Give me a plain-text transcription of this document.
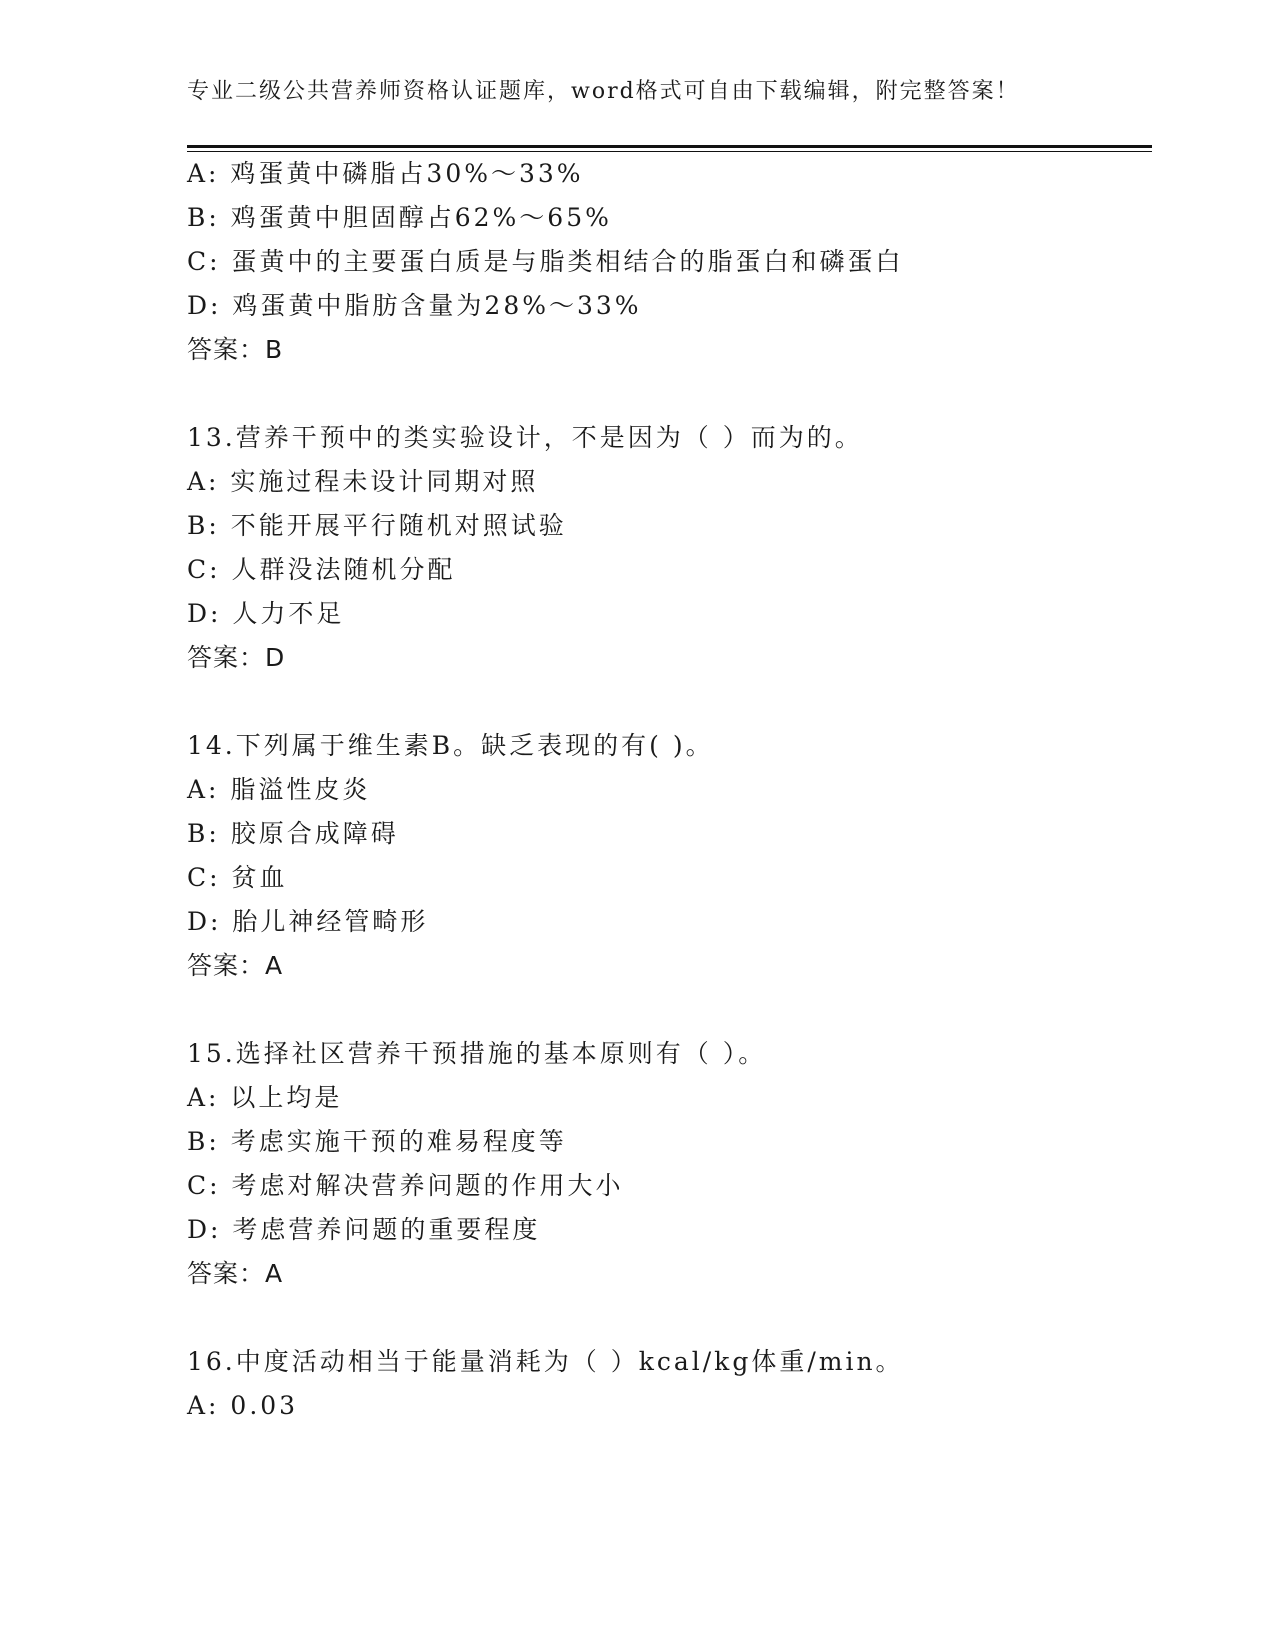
专业二级公共营养师资格认证题库，word格式可自由下载编辑，附完整答案！
A: 鸡蛋黄中磷脂占30%～33%
B: 鸡蛋黄中胆固醇占62%～65%
C: 蛋黄中的主要蛋白质是与脂类相结合的脂蛋白和磷蛋白
D: 鸡蛋黄中脂肪含量为28%～33%
答案：B
13.营养干预中的类实验设计，不是因为（ ）而为的。
A: 实施过程未设计同期对照
B: 不能开展平行随机对照试验
C: 人群没法随机分配
D: 人力不足
答案：D
14.下列属于维生素B。缺乏表现的有( )。
A: 脂溢性皮炎
B: 胶原合成障碍
C: 贫血
D: 胎儿神经管畸形
答案：A
15.选择社区营养干预措施的基本原则有（ ）。
A: 以上均是
B: 考虑实施干预的难易程度等
C: 考虑对解决营养问题的作用大小
D: 考虑营养问题的重要程度
答案：A
16.中度活动相当于能量消耗为（ ）kcal/kg体重/min。
A: 0.03
